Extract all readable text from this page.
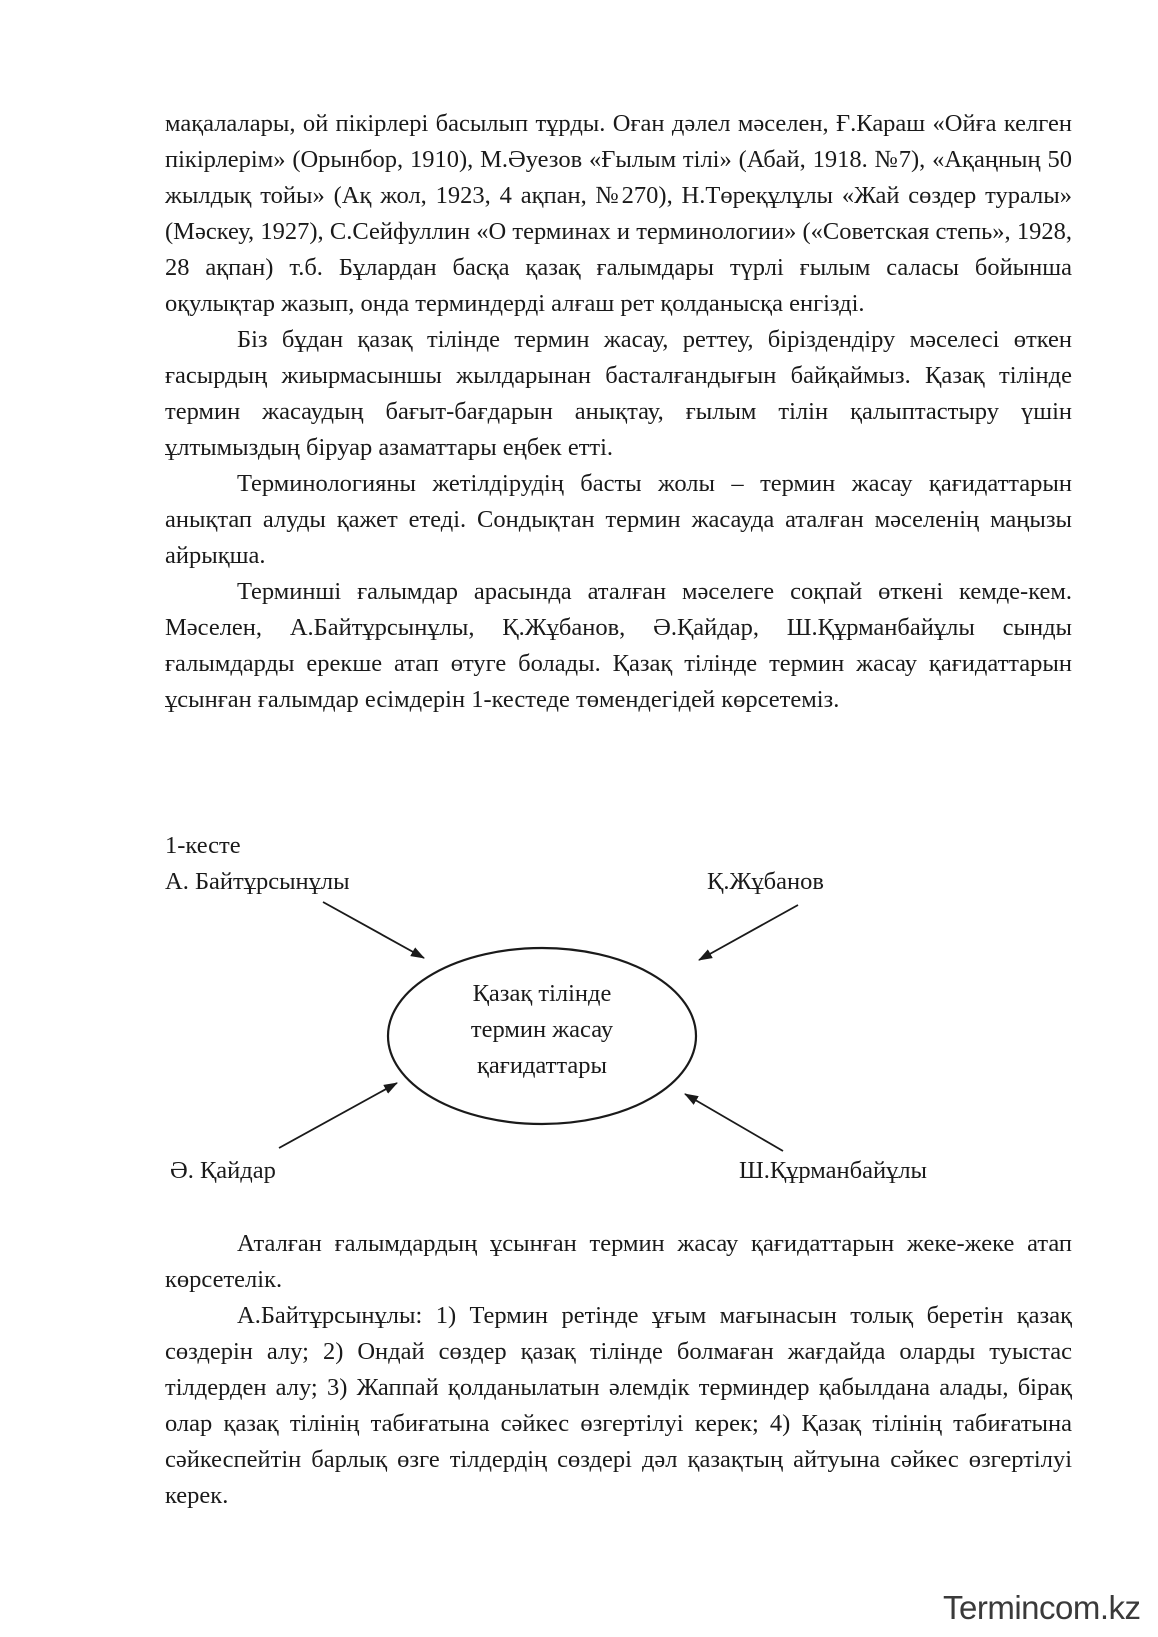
мақалалары, ой пікірлері басылып тұрды. Оған дәлел мәселен, Ғ.Караш «Ойға келген пікірлерім» (Орынбор, 1910), М.Әуезов «Ғылым тілі» (Абай, 1918. №7), «Ақаңның 50 жылдық тойы» (Ақ жол, 1923, 4 ақпан, №270), Н.Төреқұлұлы «Жай сөздер туралы» (Мәскеу, 1927), С.Сейфуллин «О терминах и терминологии» («Советская степь», 1928, 28 ақпан) т.б. Бұлардан басқа қазақ ғалымдары түрлі ғылым саласы бойынша оқулықтар жазып, онда терминдерді алғаш рет қолданысқа енгізді.

Біз бұдан қазақ тілінде термин жасау, реттеу, біріздендіру мәселесі өткен ғасырдың жиырмасыншы жылдарынан басталғандығын байқаймыз. Қазақ тілінде термин жасаудың бағыт-бағдарын анықтау, ғылым тілін қалыптастыру үшін ұлтымыздың біруар азаматтары еңбек етті.

Терминологияны жетілдірудің басты жолы – термин жасау қағидаттарын анықтап алуды қажет етеді. Сондықтан термин жасауда аталған мәселенің маңызы айрықша.

Терминші ғалымдар арасында аталған мәселеге соқпай өткені кемде-кем. Мәселен, А.Байтұрсынұлы, Қ.Жұбанов, Ә.Қайдар, Ш.Құрманбайұлы сынды ғалымдарды ерекше атап өтуге болады. Қазақ тілінде термин жасау қағидаттарын ұсынған ғалымдар есімдерін 1-кестеде төмендегідей көрсетеміз.

1-кесте

А. Байтұрсынұлы	Қ.Жұбанов
Ә. Қайдар	Ш.Құрманбайұлы
Қазақ тілінде
термин жасау
қағидаттары

Аталған ғалымдардың ұсынған термин жасау қағидаттарын жеке-жеке атап көрсетелік.

А.Байтұрсынұлы: 1) Термин ретінде ұғым мағынасын толық беретін қазақ сөздерін алу; 2) Ондай сөздер қазақ тілінде болмаған жағдайда оларды туыстас тілдерден алу; 3) Жаппай қолданылатын әлемдік терминдер қабылдана алады, бірақ олар қазақ тілінің табиғатына сәйкес өзгертілуі керек; 4) Қазақ тілінің табиғатына сәйкеспейтін барлық өзге тілдердің сөздері дәл қазақтың айтуына сәйкес өзгертілуі керек.

Termincom.kz
